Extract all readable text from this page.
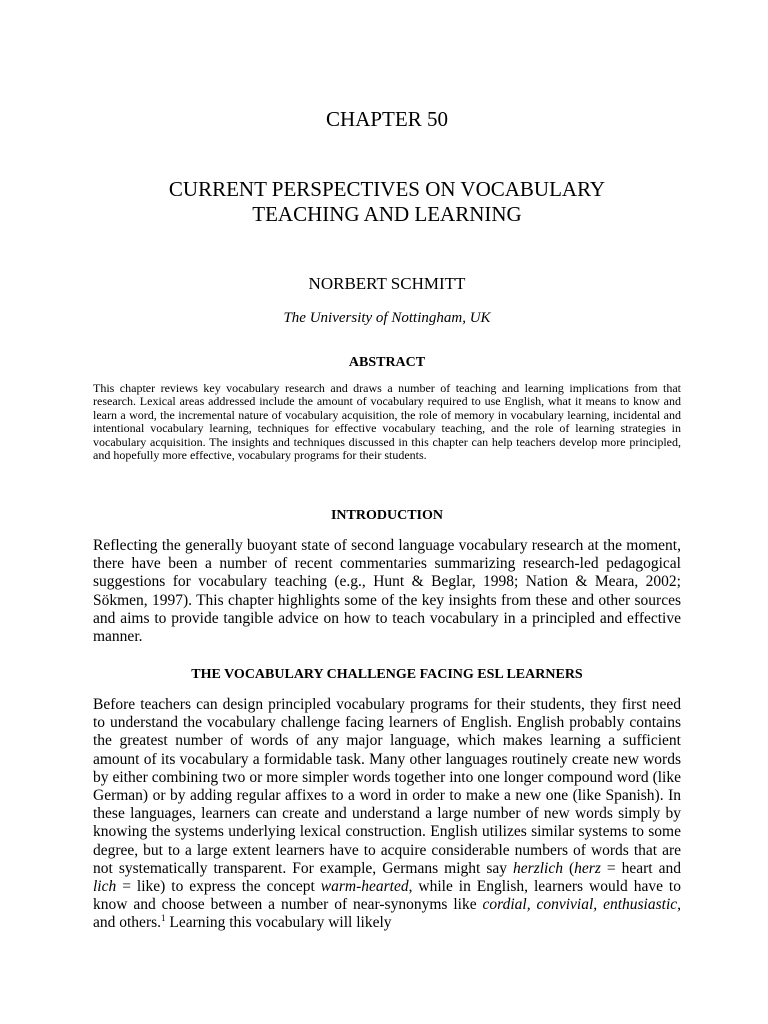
CHAPTER 50
CURRENT PERSPECTIVES ON VOCABULARY
TEACHING AND LEARNING
NORBERT SCHMITT
The University of Nottingham, UK
ABSTRACT
This chapter reviews key vocabulary research and draws a number of teaching and learning implications from that research. Lexical areas addressed include the amount of vocabulary required to use English, what it means to know and learn a word, the incremental nature of vocabulary acquisition, the role of memory in vocabulary learning, incidental and intentional vocabulary learning, techniques for effective vocabulary teaching, and the role of learning strategies in vocabulary acquisition. The insights and techniques discussed in this chapter can help teachers develop more principled, and hopefully more effective, vocabulary programs for their students.
INTRODUCTION
Reflecting the generally buoyant state of second language vocabulary research at the moment, there have been a number of recent commentaries summarizing research-led pedagogical suggestions for vocabulary teaching (e.g., Hunt & Beglar, 1998; Nation & Meara, 2002; Sökmen, 1997). This chapter highlights some of the key insights from these and other sources and aims to provide tangible advice on how to teach vocabulary in a principled and effective manner.
THE VOCABULARY CHALLENGE FACING ESL LEARNERS
Before teachers can design principled vocabulary programs for their students, they first need to understand the vocabulary challenge facing learners of English. English probably contains the greatest number of words of any major language, which makes learning a sufficient amount of its vocabulary a formidable task. Many other languages routinely create new words by either combining two or more simpler words together into one longer compound word (like German) or by adding regular affixes to a word in order to make a new one (like Spanish). In these languages, learners can create and understand a large number of new words simply by knowing the systems underlying lexical construction. English utilizes similar systems to some degree, but to a large extent learners have to acquire considerable numbers of words that are not systematically transparent. For example, Germans might say herzlich (herz = heart and lich = like) to express the concept warm-hearted, while in English, learners would have to know and choose between a number of near-synonyms like cordial, convivial, enthusiastic, and others.$^1$ Learning this vocabulary will likely
